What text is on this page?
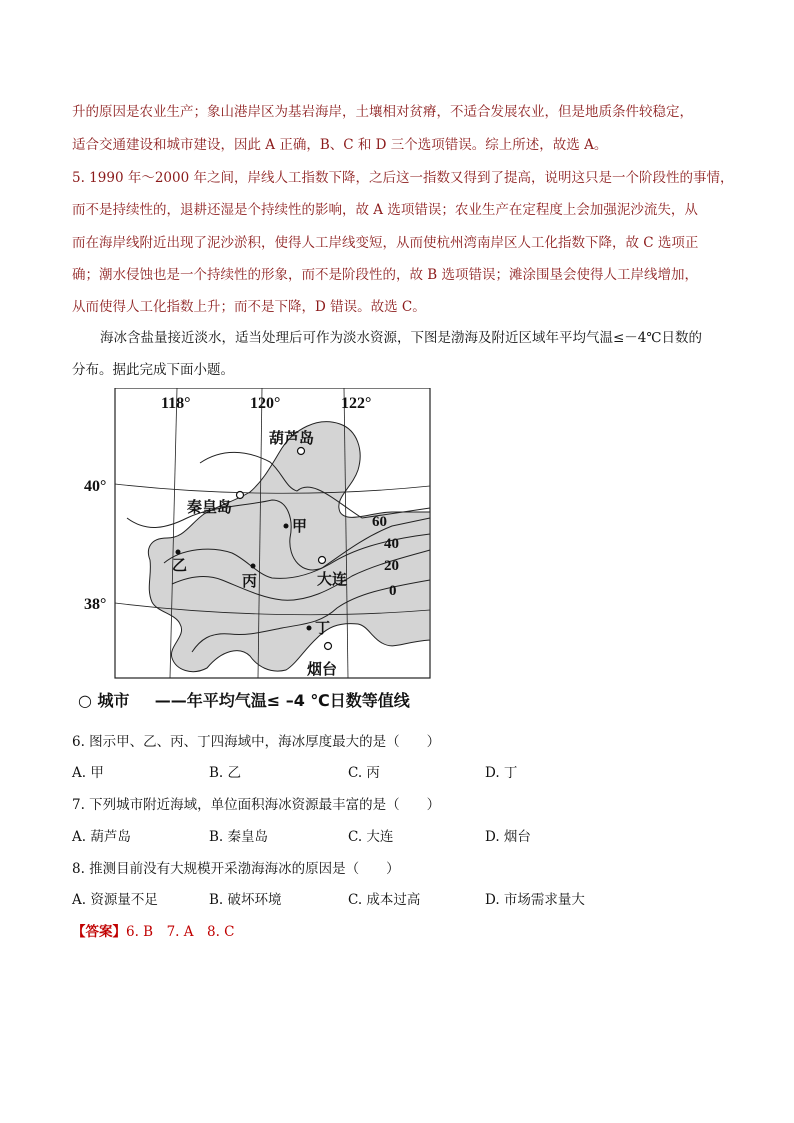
升的原因是农业生产；象山港岸区为基岩海岸，土壤相对贫瘠，不适合发展农业，但是地质条件较稳定，
适合交通建设和城市建设，因此 A 正确，B、C 和 D 三个选项错误。综上所述，故选 A。
5. 1990 年～2000 年之间，岸线人工指数下降，之后这一指数又得到了提高，说明这只是一个阶段性的事情，
而不是持续性的，退耕还湿是个持续性的影响，故 A 选项错误；农业生产在定程度上会加强泥沙流失，从
而在海岸线附近出现了泥沙淤积，使得人工岸线变短，从而使杭州湾南岸区人工化指数下降，故 C 选项正
确；潮水侵蚀也是一个持续性的形象，而不是阶段性的，故 B 选项错误；滩涂围垦会使得人工岸线增加，
从而使得人工化指数上升；而不是下降，D 错误。故选 C。
海冰含盐量接近淡水，适当处理后可作为淡水资源，下图是渤海及附近区域年平均气温≤－4℃日数的
分布。据此完成下面小题。
118°	120°	122°
40°
38°
60
40
20
0
葫芦岛
秦皇岛
大连
烟台
甲
乙
丙
丁
○ 城市 ——年平均气温≤ –4 ℃日数等值线
6. 图示甲、乙、丙、丁四海域中，海冰厚度最大的是（　　）
A. 甲	B. 乙	C. 丙	D. 丁
7. 下列城市附近海域，单位面积海冰资源最丰富的是（　　）
A. 葫芦岛	B. 秦皇岛	C. 大连	D. 烟台
8. 推测目前没有大规模开采渤海海冰的原因是（　　）
A. 资源量不足	B. 破坏环境	C. 成本过高	D. 市场需求量大
【答案】6. B　7. A　8. C
